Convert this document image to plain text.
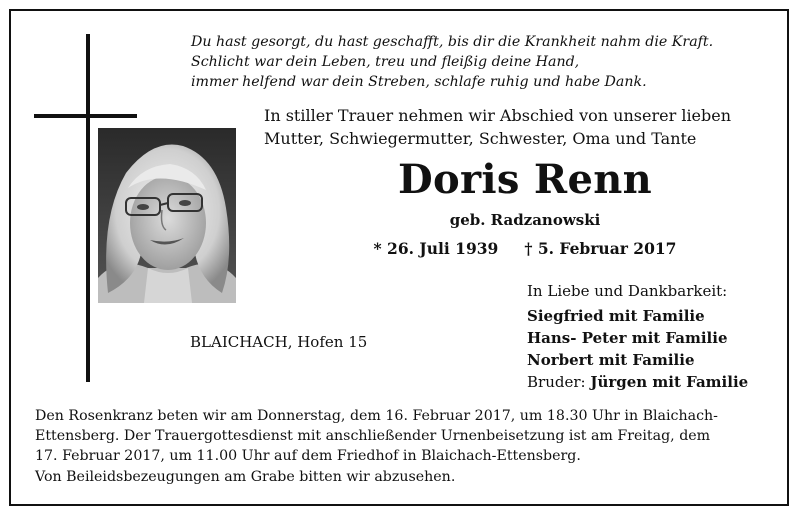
Du hast gesorgt, du hast geschafft, bis dir die Krankheit nahm die Kraft.
Schlicht war dein Leben, treu und fleißig deine Hand,
immer helfend war dein Streben, schlafe ruhig und habe Dank.
In stiller Trauer nehmen wir Abschied von unserer lieben
Mutter, Schwiegermutter, Schwester, Oma und Tante
Doris Renn
geb. Radzanowski
* 26. Juli 1939 † 5. Februar 2017
BLAICHACH, Hofen 15
In Liebe und Dankbarkeit:
Siegfried mit Familie
Hans- Peter mit Familie
Norbert mit Familie
Bruder: Jürgen mit Familie
Den Rosenkranz beten wir am Donnerstag, dem 16. Februar 2017, um 18.30 Uhr in Blaichach-
Ettensberg. Der Trauergottesdienst mit anschließender Urnenbeisetzung ist am Freitag, dem
17. Februar 2017, um 11.00 Uhr auf dem Friedhof in Blaichach-Ettensberg.
Von Beileidsbezeugungen am Grabe bitten wir abzusehen.
